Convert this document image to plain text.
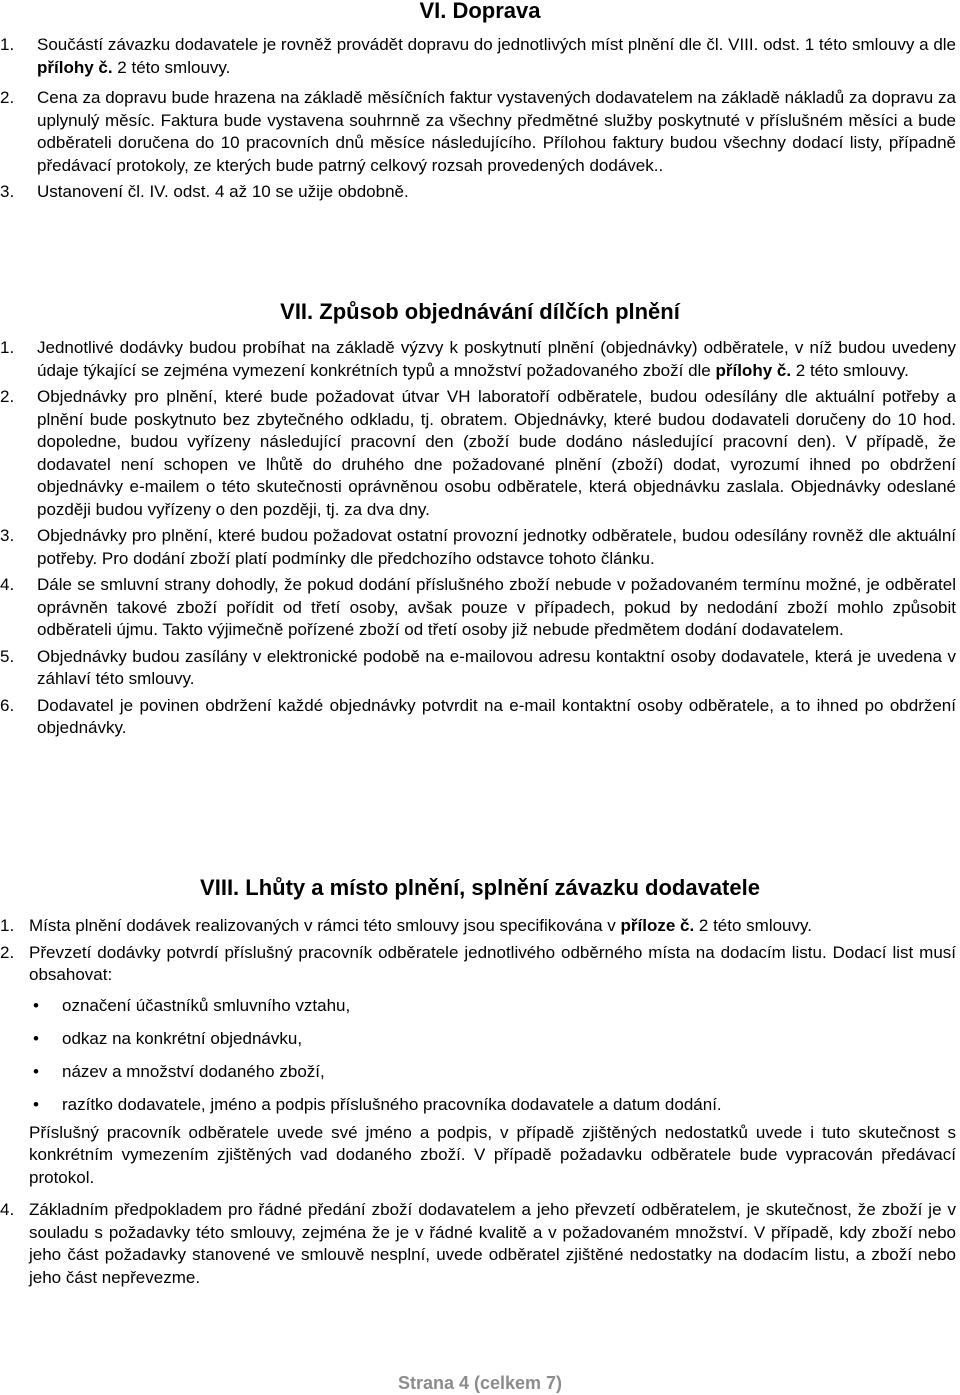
VI. Doprava
1.	Součástí závazku dodavatele je rovněž provádět dopravu do jednotlivých míst plnění dle čl. VIII. odst. 1 této smlouvy a dle přílohy č. 2 této smlouvy.
2.	Cena za dopravu bude hrazena na základě měsíčních faktur vystavených dodavatelem na základě nákladů za dopravu za uplynulý měsíc. Faktura bude vystavena souhrnně za všechny předmětné služby poskytnuté v příslušném měsíci a bude odběrateli doručena do 10 pracovních dnů měsíce následujícího. Přílohou faktury budou všechny dodací listy, případně předávací protokoly, ze kterých bude patrný celkový rozsah provedených dodávek..
3.	Ustanovení čl. IV. odst. 4 až 10 se užije obdobně.
VII. Způsob objednávání dílčích plnění
1.	Jednotlivé dodávky budou probíhat na základě výzvy k poskytnutí plnění (objednávky) odběratele, v níž budou uvedeny údaje týkající se zejména vymezení konkrétních typů a množství požadovaného zboží dle přílohy č. 2 této smlouvy.
2.	Objednávky pro plnění, které bude požadovat útvar VH laboratoří odběratele, budou odesílány dle aktuální potřeby a plnění bude poskytnuto bez zbytečného odkladu, tj. obratem. Objednávky, které budou dodavateli doručeny do 10 hod. dopoledne, budou vyřízeny následující pracovní den (zboží bude dodáno následující pracovní den). V případě, že dodavatel není schopen ve lhůtě do druhého dne požadované plnění (zboží) dodat, vyrozumí ihned po obdržení objednávky e-mailem o této skutečnosti oprávněnou osobu odběratele, která objednávku zaslala. Objednávky odeslané později budou vyřízeny o den později, tj. za dva dny.
3.	Objednávky pro plnění, které budou požadovat ostatní provozní jednotky odběratele, budou odesílány rovněž dle aktuální potřeby. Pro dodání zboží platí podmínky dle předchozího odstavce tohoto článku.
4.	Dále se smluvní strany dohodly, že pokud dodání příslušného zboží nebude v požadovaném termínu možné, je odběratel oprávněn takové zboží pořídit od třetí osoby, avšak pouze v případech, pokud by nedodání zboží mohlo způsobit odběrateli újmu. Takto výjimečně pořízené zboží od třetí osoby již nebude předmětem dodání dodavatelem.
5.	Objednávky budou zasílány v elektronické podobě na e-mailovou adresu kontaktní osoby dodavatele, která je uvedena v záhlaví této smlouvy.
6.	Dodavatel je povinen obdržení každé objednávky potvrdit na e-mail kontaktní osoby odběratele, a to ihned po obdržení objednávky.
VIII. Lhůty a místo plnění, splnění závazku dodavatele
1. Místa plnění dodávek realizovaných v rámci této smlouvy jsou specifikována v příloze č. 2 této smlouvy.
2. Převzetí dodávky potvrdí příslušný pracovník odběratele jednotlivého odběrného místa na dodacím listu. Dodací list musí obsahovat:
•	označení účastníků smluvního vztahu,
•	odkaz na konkrétní objednávku,
•	název a množství dodaného zboží,
•	razítko dodavatele, jméno a podpis příslušného pracovníka dodavatele a datum dodání.
Příslušný pracovník odběratele uvede své jméno a podpis, v případě zjištěných nedostatků uvede i tuto skutečnost s konkrétním vymezením zjištěných vad dodaného zboží. V případě požadavku odběratele bude vypracován předávací protokol.
4. Základním předpokladem pro řádné předání zboží dodavatelem a jeho převzetí odběratelem, je skutečnost, že zboží je v souladu s požadavky této smlouvy, zejména že je v řádné kvalitě a v požadovaném množství. V případě, kdy zboží nebo jeho část požadavky stanovené ve smlouvě nesplní, uvede odběratel zjištěné nedostatky na dodacím listu, a zboží nebo jeho část nepřevezme.
Strana 4 (celkem 7)
